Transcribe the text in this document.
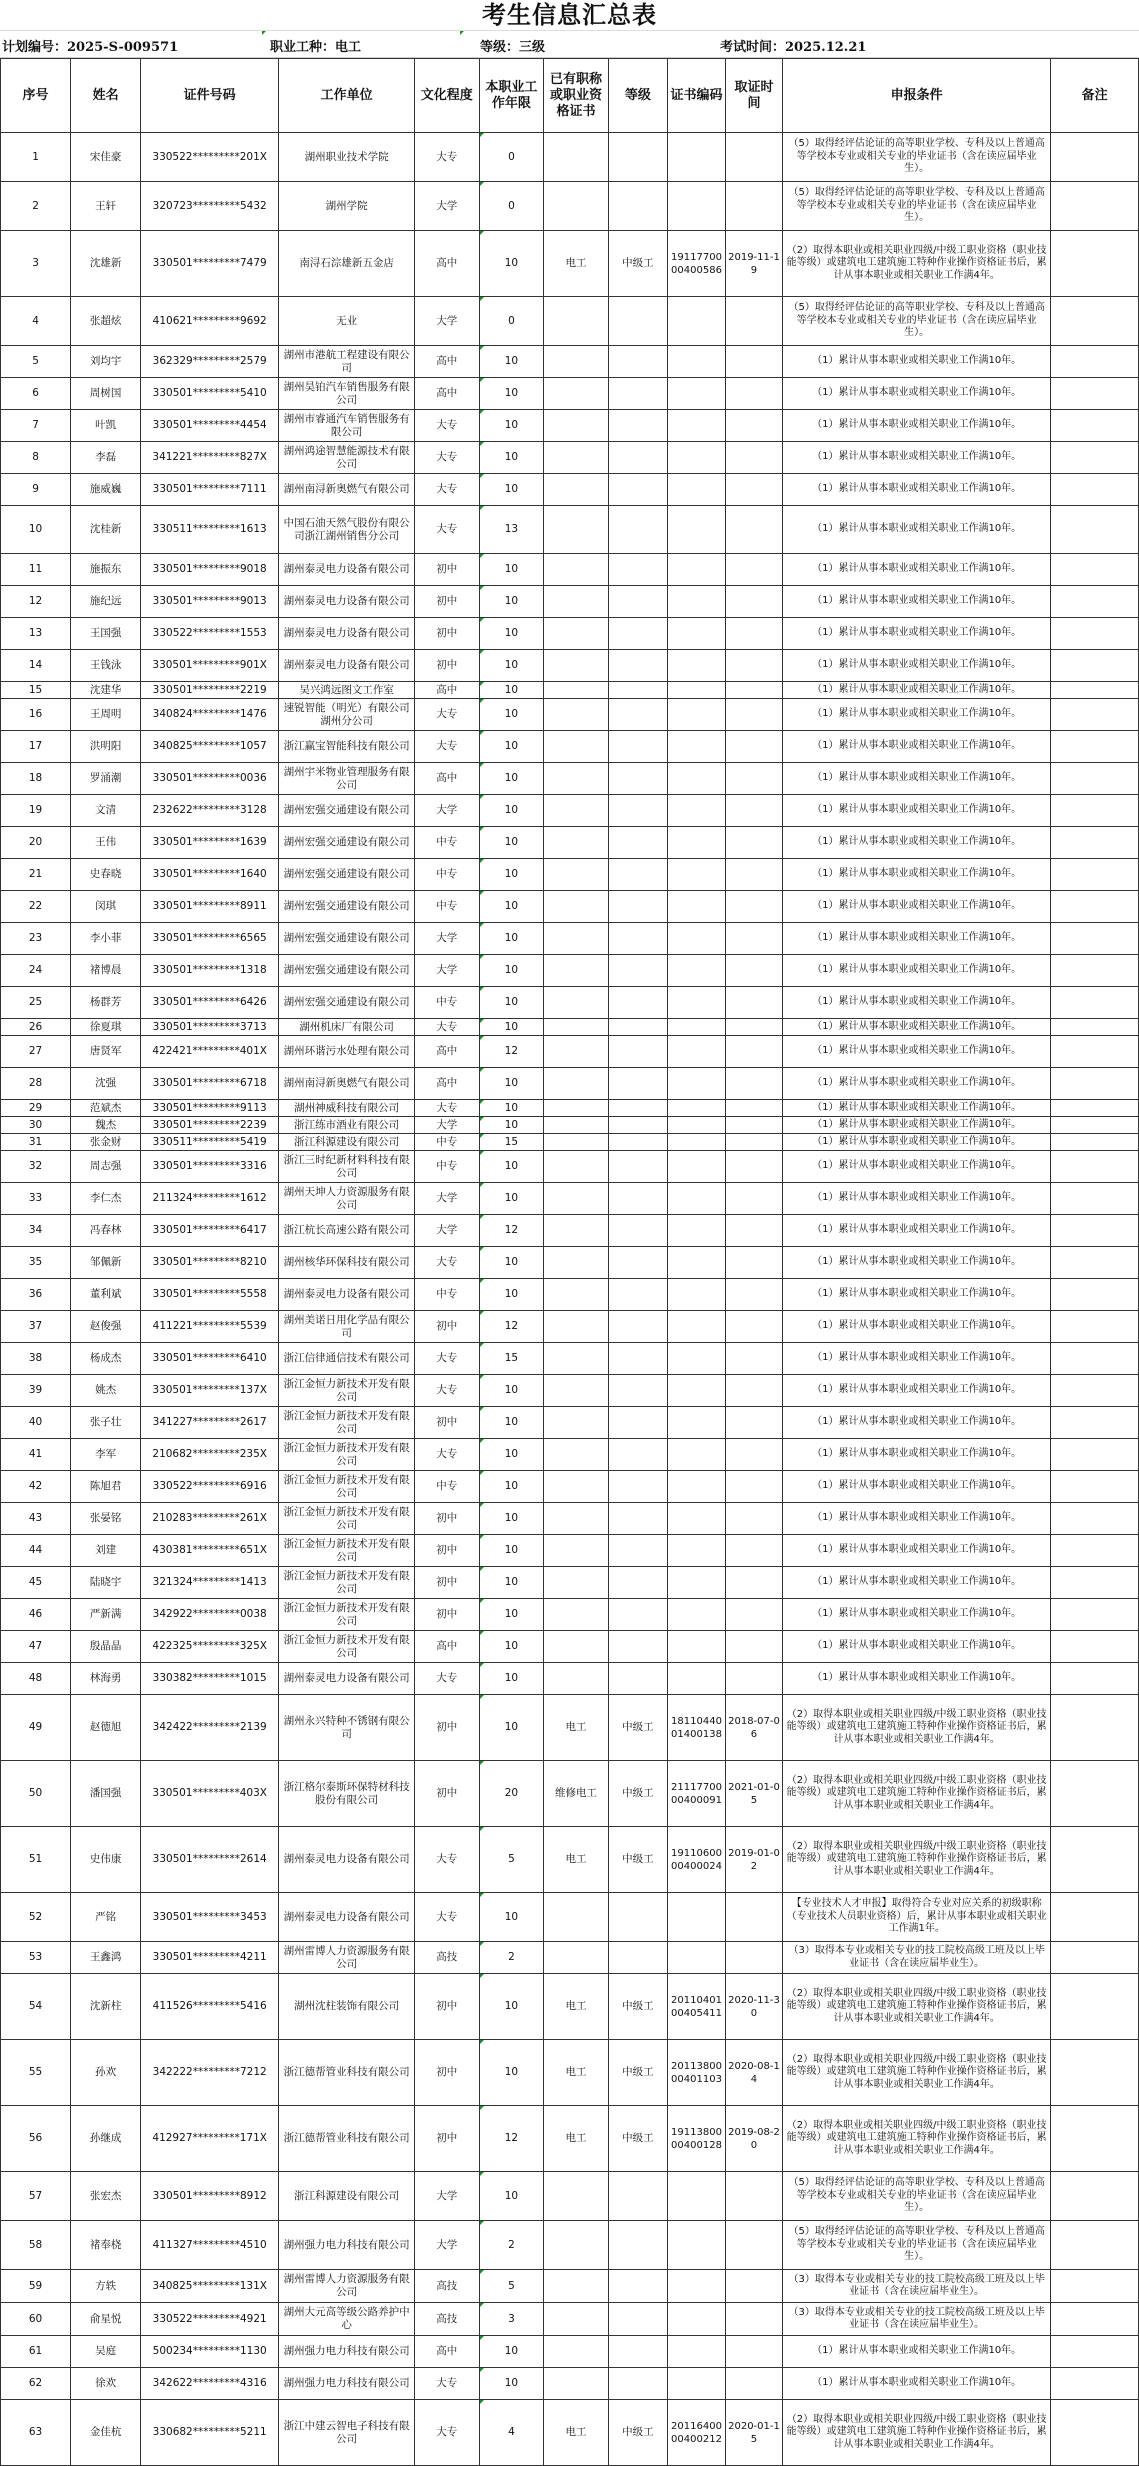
考生信息汇总表
计划编号：2025-S-009571	职业工种：电工	等级：三级	考试时间：2025.12.21
序号	姓名	证件号码	工作单位	文化程度	本职业工作年限	已有职称或职业资格证书	等级	证书编码	取证时间	申报条件	备注
1	宋佳豪	330522*********201X	湖州职业技术学院	大专	0					（5）取得经评估论证的高等职业学校、专科及以上普通高等学校本专业或相关专业的毕业证书（含在读应届毕业生）。	
2	王轩	320723*********5432	湖州学院	大学	0					（5）取得经评估论证的高等职业学校、专科及以上普通高等学校本专业或相关专业的毕业证书（含在读应届毕业生）。	
3	沈雄新	330501*********7479	南浔石淙雄新五金店	高中	10	电工	中级工	1911770000400586	2019-11-19	（2）取得本职业或相关职业四级/中级工职业资格（职业技能等级）或建筑电工建筑施工特种作业操作资格证书后，累计从事本职业或相关职业工作满4年。	
4	张超炫	410621*********9692	无业	大学	0					（5）取得经评估论证的高等职业学校、专科及以上普通高等学校本专业或相关专业的毕业证书（含在读应届毕业生）。	
5	刘均宇	362329*********2579	湖州市港航工程建设有限公司	高中	10					（1）累计从事本职业或相关职业工作满10年。	
6	周树国	330501*********5410	湖州昊铂汽车销售服务有限公司	高中	10					（1）累计从事本职业或相关职业工作满10年。	
7	叶凯	330501*********4454	湖州市睿通汽车销售服务有限公司	大专	10					（1）累计从事本职业或相关职业工作满10年。	
8	李磊	341221*********827X	湖州鸿途智慧能源技术有限公司	大专	10					（1）累计从事本职业或相关职业工作满10年。	
9	施威巍	330501*********7111	湖州南浔新奥燃气有限公司	大专	10					（1）累计从事本职业或相关职业工作满10年。	
10	沈桂新	330511*********1613	中国石油天然气股份有限公司浙江湖州销售分公司	大专	13					（1）累计从事本职业或相关职业工作满10年。	
11	施振东	330501*********9018	湖州泰灵电力设备有限公司	初中	10					（1）累计从事本职业或相关职业工作满10年。	
12	施纪远	330501*********9013	湖州泰灵电力设备有限公司	初中	10					（1）累计从事本职业或相关职业工作满10年。	
13	王国强	330522*********1553	湖州泰灵电力设备有限公司	初中	10					（1）累计从事本职业或相关职业工作满10年。	
14	王钱泳	330501*********901X	湖州泰灵电力设备有限公司	初中	10					（1）累计从事本职业或相关职业工作满10年。	
15	沈建华	330501*********2219	吴兴鸿远图文工作室	高中	10					（1）累计从事本职业或相关职业工作满10年。	
16	王周明	340824*********1476	速锐智能（明光）有限公司湖州分公司	大专	10					（1）累计从事本职业或相关职业工作满10年。	
17	洪明阳	340825*********1057	浙江赢宝智能科技有限公司	大专	10					（1）累计从事本职业或相关职业工作满10年。	
18	罗涌潮	330501*********0036	湖州宇米物业管理服务有限公司	高中	10					（1）累计从事本职业或相关职业工作满10年。	
19	文清	232622*********3128	湖州宏强交通建设有限公司	大学	10					（1）累计从事本职业或相关职业工作满10年。	
20	王伟	330501*********1639	湖州宏强交通建设有限公司	中专	10					（1）累计从事本职业或相关职业工作满10年。	
21	史春晓	330501*********1640	湖州宏强交通建设有限公司	中专	10					（1）累计从事本职业或相关职业工作满10年。	
22	闵琪	330501*********8911	湖州宏强交通建设有限公司	中专	10					（1）累计从事本职业或相关职业工作满10年。	
23	李小菲	330501*********6565	湖州宏强交通建设有限公司	大学	10					（1）累计从事本职业或相关职业工作满10年。	
24	褚博晨	330501*********1318	湖州宏强交通建设有限公司	大学	10					（1）累计从事本职业或相关职业工作满10年。	
25	杨群芳	330501*********6426	湖州宏强交通建设有限公司	中专	10					（1）累计从事本职业或相关职业工作满10年。	
26	徐夏琪	330501*********3713	湖州机床厂有限公司	大专	10					（1）累计从事本职业或相关职业工作满10年。	
27	唐贤军	422421*********401X	湖州环谐污水处理有限公司	高中	12					（1）累计从事本职业或相关职业工作满10年。	
28	沈强	330501*********6718	湖州南浔新奥燃气有限公司	高中	10					（1）累计从事本职业或相关职业工作满10年。	
29	范斌杰	330501*********9113	湖州神威科技有限公司	大专	10					（1）累计从事本职业或相关职业工作满10年。	
30	魏杰	330501*********2239	浙江练市酒业有限公司	大学	10					（1）累计从事本职业或相关职业工作满10年。	
31	张金财	330511*********5419	浙江科源建设有限公司	中专	15					（1）累计从事本职业或相关职业工作满10年。	
32	周志强	330501*********3316	浙江三时纪新材料科技有限公司	中专	10					（1）累计从事本职业或相关职业工作满10年。	
33	李仁杰	211324*********1612	湖州天坤人力资源服务有限公司	大学	10					（1）累计从事本职业或相关职业工作满10年。	
34	冯春林	330501*********6417	浙江杭长高速公路有限公司	大学	12					（1）累计从事本职业或相关职业工作满10年。	
35	邹佩新	330501*********8210	湖州核华环保科技有限公司	大专	10					（1）累计从事本职业或相关职业工作满10年。	
36	董利斌	330501*********5558	湖州泰灵电力设备有限公司	中专	10					（1）累计从事本职业或相关职业工作满10年。	
37	赵俊强	411221*********5539	湖州美诺日用化学品有限公司	初中	12					（1）累计从事本职业或相关职业工作满10年。	
38	杨成杰	330501*********6410	浙江信律通信技术有限公司	大专	15					（1）累计从事本职业或相关职业工作满10年。	
39	姚杰	330501*********137X	浙江金恒力新技术开发有限公司	大专	10					（1）累计从事本职业或相关职业工作满10年。	
40	张子壮	341227*********2617	浙江金恒力新技术开发有限公司	初中	10					（1）累计从事本职业或相关职业工作满10年。	
41	李军	210682*********235X	浙江金恒力新技术开发有限公司	大专	10					（1）累计从事本职业或相关职业工作满10年。	
42	陈旭君	330522*********6916	浙江金恒力新技术开发有限公司	中专	10					（1）累计从事本职业或相关职业工作满10年。	
43	张晏铭	210283*********261X	浙江金恒力新技术开发有限公司	初中	10					（1）累计从事本职业或相关职业工作满10年。	
44	刘建	430381*********651X	浙江金恒力新技术开发有限公司	初中	10					（1）累计从事本职业或相关职业工作满10年。	
45	陆晓宇	321324*********1413	浙江金恒力新技术开发有限公司	初中	10					（1）累计从事本职业或相关职业工作满10年。	
46	严新满	342922*********0038	浙江金恒力新技术开发有限公司	初中	10					（1）累计从事本职业或相关职业工作满10年。	
47	殷晶晶	422325*********325X	浙江金恒力新技术开发有限公司	高中	10					（1）累计从事本职业或相关职业工作满10年。	
48	林海勇	330382*********1015	湖州泰灵电力设备有限公司	大专	10					（1）累计从事本职业或相关职业工作满10年。	
49	赵德旭	342422*********2139	湖州永兴特种不锈钢有限公司	初中	10	电工	中级工	1811044001400138	2018-07-06	（2）取得本职业或相关职业四级/中级工职业资格（职业技能等级）或建筑电工建筑施工特种作业操作资格证书后，累计从事本职业或相关职业工作满4年。	
50	潘国强	330501*********403X	浙江格尔泰斯环保特材科技股份有限公司	初中	20	维修电工	中级工	2111770000400091	2021-01-05	（2）取得本职业或相关职业四级/中级工职业资格（职业技能等级）或建筑电工建筑施工特种作业操作资格证书后，累计从事本职业或相关职业工作满4年。	
51	史伟康	330501*********2614	湖州泰灵电力设备有限公司	大专	5	电工	中级工	1911060000400024	2019-01-02	（2）取得本职业或相关职业四级/中级工职业资格（职业技能等级）或建筑电工建筑施工特种作业操作资格证书后，累计从事本职业或相关职业工作满4年。	
52	严铭	330501*********3453	湖州泰灵电力设备有限公司	大专	10					【专业技术人才申报】取得符合专业对应关系的初级职称（专业技术人员职业资格）后，累计从事本职业或相关职业工作满1年。	
53	王鑫鸿	330501*********4211	湖州雷博人力资源服务有限公司	高技	2					（3）取得本专业或相关专业的技工院校高级工班及以上毕业证书（含在读应届毕业生）。	
54	沈新柱	411526*********5416	湖州沈柱装饰有限公司	初中	10	电工	中级工	2011040100405411	2020-11-30	（2）取得本职业或相关职业四级/中级工职业资格（职业技能等级）或建筑电工建筑施工特种作业操作资格证书后，累计从事本职业或相关职业工作满4年。	
55	孙欢	342222*********7212	浙江德帮管业科技有限公司	初中	10	电工	中级工	2011380000401103	2020-08-14	（2）取得本职业或相关职业四级/中级工职业资格（职业技能等级）或建筑电工建筑施工特种作业操作资格证书后，累计从事本职业或相关职业工作满4年。	
56	孙继成	412927*********171X	浙江德帮管业科技有限公司	初中	12	电工	中级工	1911380000400128	2019-08-20	（2）取得本职业或相关职业四级/中级工职业资格（职业技能等级）或建筑电工建筑施工特种作业操作资格证书后，累计从事本职业或相关职业工作满4年。	
57	张宏杰	330501*********8912	浙江科源建设有限公司	大学	10					（5）取得经评估论证的高等职业学校、专科及以上普通高等学校本专业或相关专业的毕业证书（含在读应届毕业生）。	
58	褚奉桡	411327*********4510	湖州强力电力科技有限公司	大学	2					（5）取得经评估论证的高等职业学校、专科及以上普通高等学校本专业或相关专业的毕业证书（含在读应届毕业生）。	
59	方轶	340825*********131X	湖州雷博人力资源服务有限公司	高技	5					（3）取得本专业或相关专业的技工院校高级工班及以上毕业证书（含在读应届毕业生）。	
60	俞星悦	330522*********4921	湖州大元高等级公路养护中心	高技	3					（3）取得本专业或相关专业的技工院校高级工班及以上毕业证书（含在读应届毕业生）。	
61	吴庭	500234*********1130	湖州强力电力科技有限公司	高中	10					（1）累计从事本职业或相关职业工作满10年。	
62	徐欢	342622*********4316	湖州强力电力科技有限公司	大专	10					（1）累计从事本职业或相关职业工作满10年。	
63	金佳杭	330682*********5211	浙江中建云智电子科技有限公司	大专	4	电工	中级工	2011640000400212	2020-01-15	（2）取得本职业或相关职业四级/中级工职业资格（职业技能等级）或建筑电工建筑施工特种作业操作资格证书后，累计从事本职业或相关职业工作满4年。	
